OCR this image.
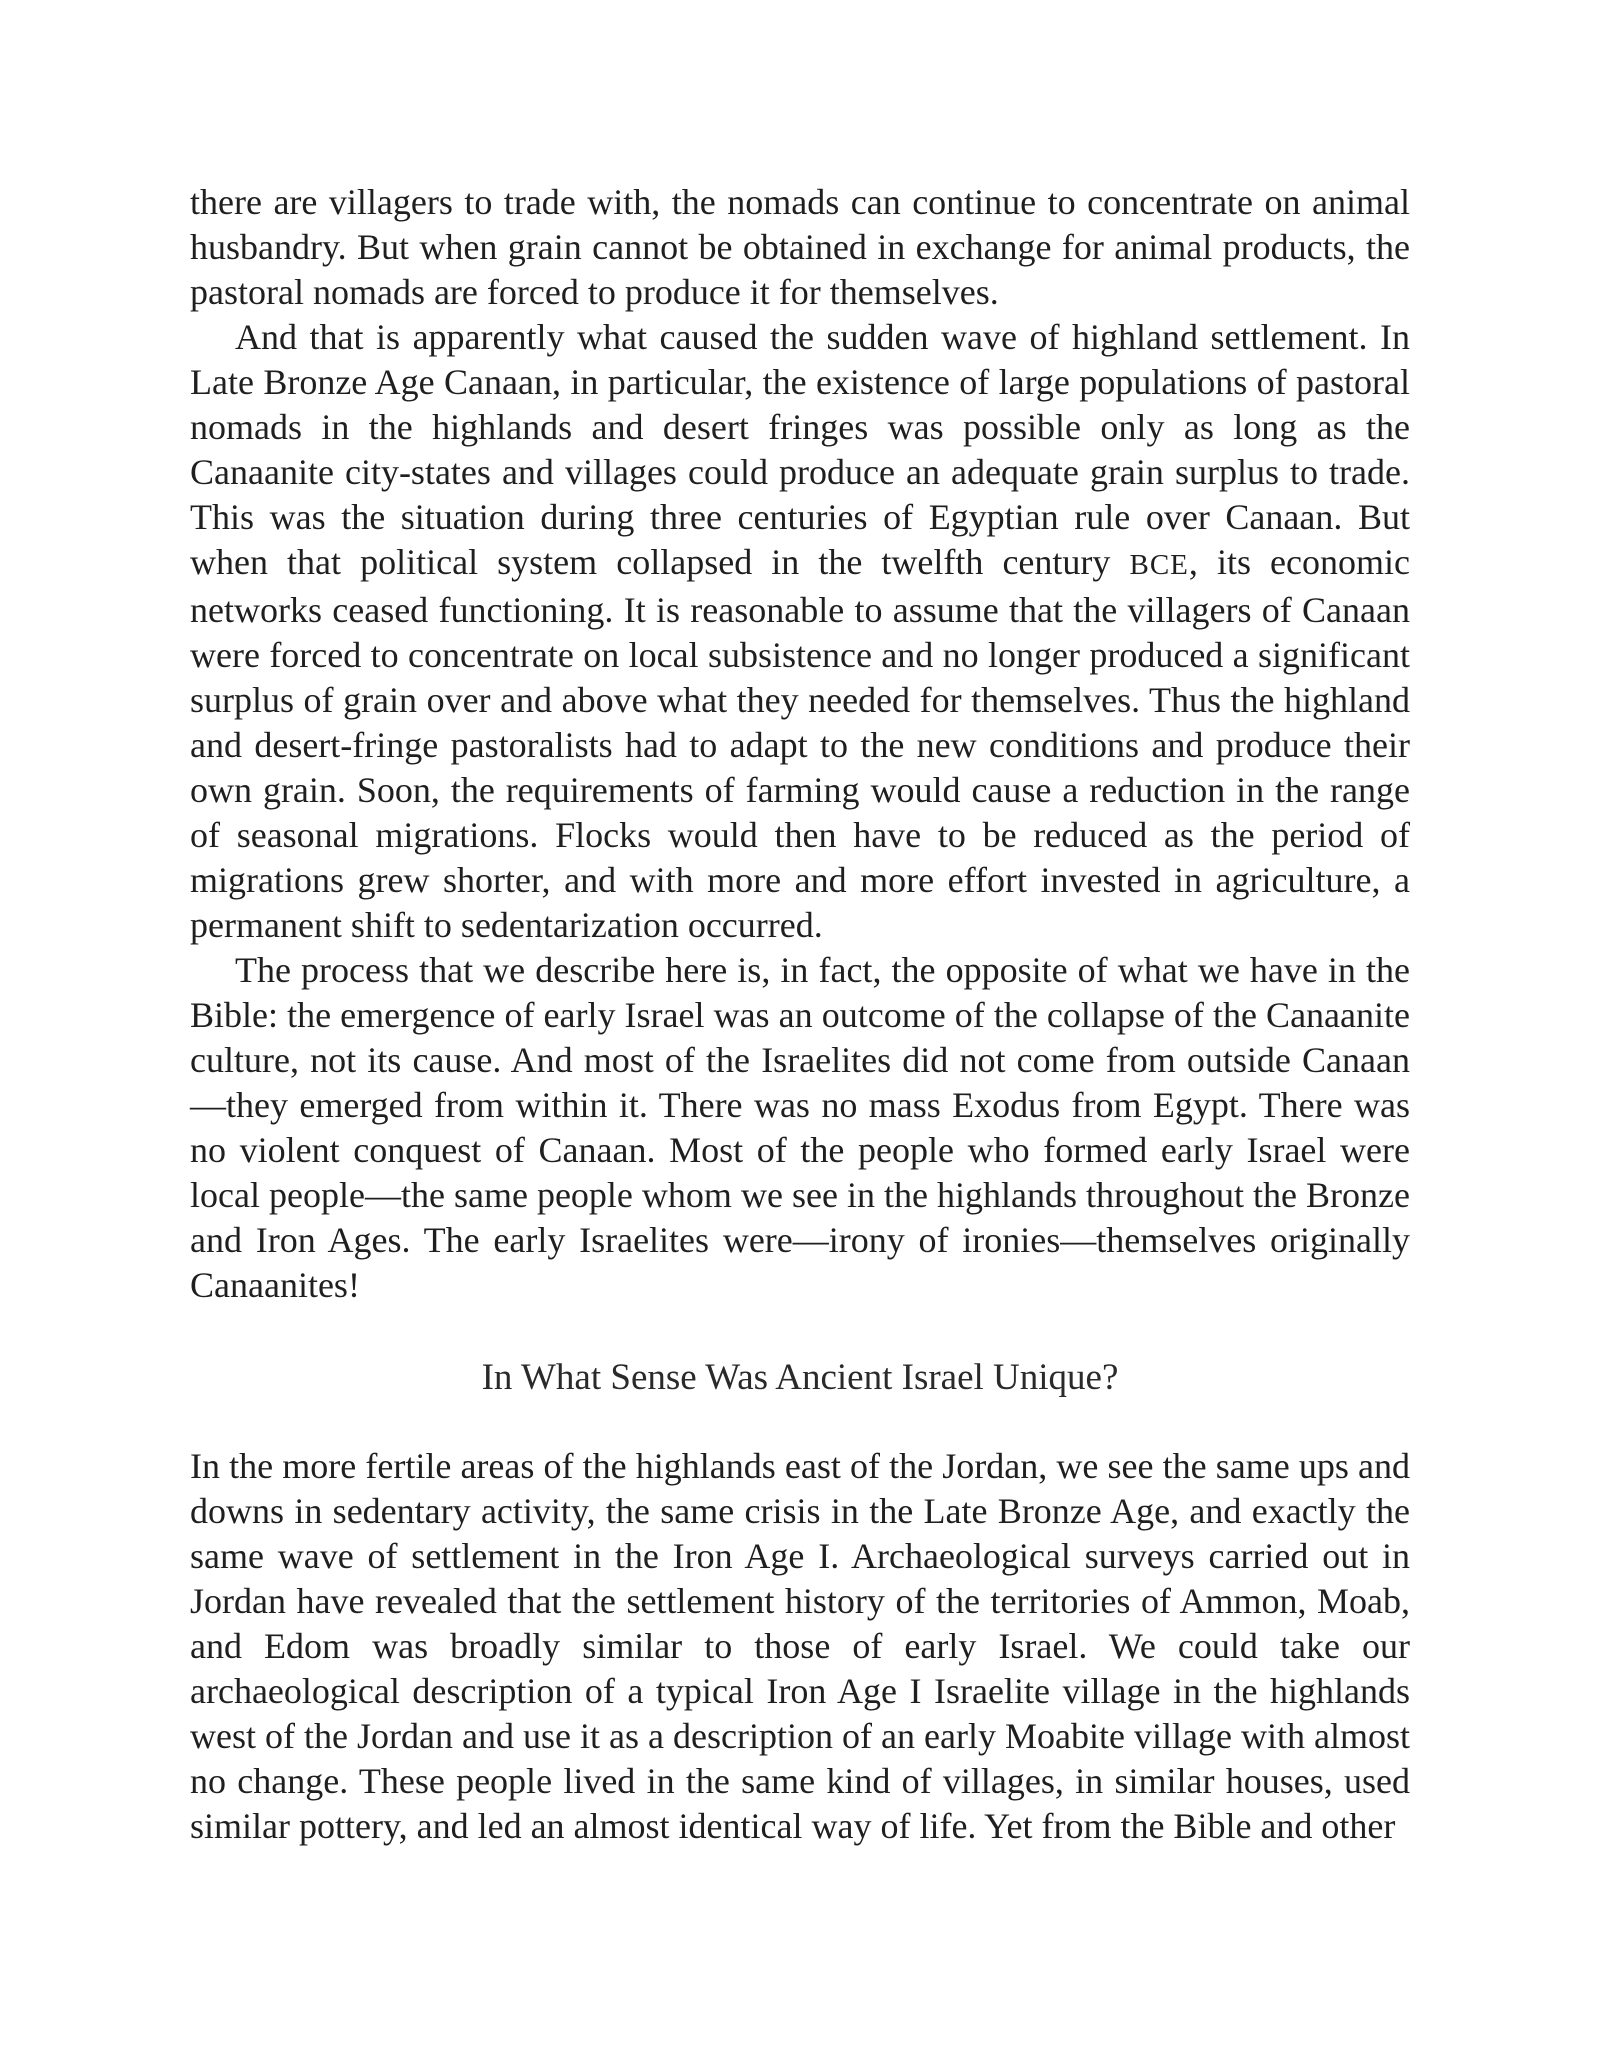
there are villagers to trade with, the nomads can continue to concentrate on animal husbandry. But when grain cannot be obtained in exchange for animal products, the pastoral nomads are forced to produce it for themselves.

And that is apparently what caused the sudden wave of highland settlement. In Late Bronze Age Canaan, in particular, the existence of large populations of pastoral nomads in the highlands and desert fringes was possible only as long as the Canaanite city-states and villages could produce an adequate grain surplus to trade. This was the situation during three centuries of Egyptian rule over Canaan. But when that political system collapsed in the twelfth century BCE, its economic networks ceased functioning. It is reasonable to assume that the villagers of Canaan were forced to concentrate on local subsistence and no longer produced a significant surplus of grain over and above what they needed for themselves. Thus the highland and desert-fringe pastoralists had to adapt to the new conditions and produce their own grain. Soon, the requirements of farming would cause a reduction in the range of seasonal migrations. Flocks would then have to be reduced as the period of migrations grew shorter, and with more and more effort invested in agriculture, a permanent shift to sedentarization occurred.

The process that we describe here is, in fact, the opposite of what we have in the Bible: the emergence of early Israel was an outcome of the collapse of the Canaanite culture, not its cause. And most of the Israelites did not come from outside Canaan —they emerged from within it. There was no mass Exodus from Egypt. There was no violent conquest of Canaan. Most of the people who formed early Israel were local people—the same people whom we see in the highlands throughout the Bronze and Iron Ages. The early Israelites were—irony of ironies—themselves originally Canaanites!

In What Sense Was Ancient Israel Unique?

In the more fertile areas of the highlands east of the Jordan, we see the same ups and downs in sedentary activity, the same crisis in the Late Bronze Age, and exactly the same wave of settlement in the Iron Age I. Archaeological surveys carried out in Jordan have revealed that the settlement history of the territories of Ammon, Moab, and Edom was broadly similar to those of early Israel. We could take our archaeological description of a typical Iron Age I Israelite village in the highlands west of the Jordan and use it as a description of an early Moabite village with almost no change. These people lived in the same kind of villages, in similar houses, used similar pottery, and led an almost identical way of life. Yet from the Bible and other
